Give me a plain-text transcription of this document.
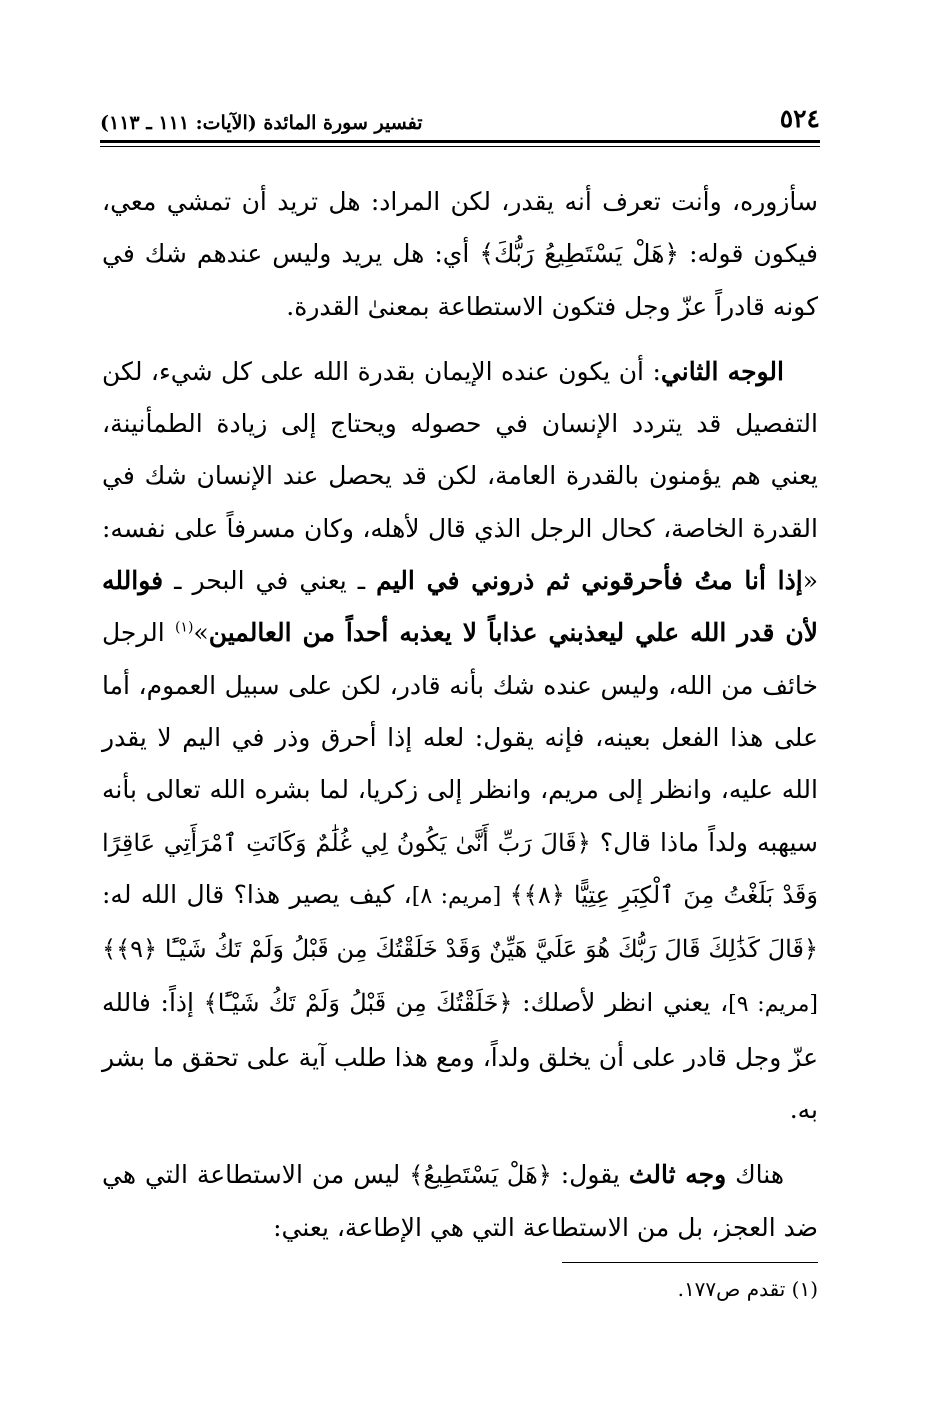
٥٢٤
تفسير سورة المائدة (الآيات: ١١١ ـ ١١٣)

سأزوره، وأنت تعرف أنه يقدر، لكن المراد: هل تريد أن تمشي معي، فيكون قوله: ﴿هَلْ يَسْتَطِيعُ رَبُّكَ﴾ أي: هل يريد وليس عندهم شك في كونه قادراً عزّ وجل فتكون الاستطاعة بمعنىٰ القدرة.

الوجه الثاني: أن يكون عنده الإيمان بقدرة الله على كل شيء، لكن التفصيل قد يتردد الإنسان في حصوله ويحتاج إلى زيادة الطمأنينة، يعني هم يؤمنون بالقدرة العامة، لكن قد يحصل عند الإنسان شك في القدرة الخاصة، كحال الرجل الذي قال لأهله، وكان مسرفاً على نفسه: «إذا أنا متُ فأحرقوني ثم ذروني في اليم ـ يعني في البحر ـ فوالله لأن قدر الله علي ليعذبني عذاباً لا يعذبه أحداً من العالمين»$^{(١)}$ الرجل خائف من الله، وليس عنده شك بأنه قادر، لكن على سبيل العموم، أما على هذا الفعل بعينه، فإنه يقول: لعله إذا أحرق وذر في اليم لا يقدر الله عليه، وانظر إلى مريم، وانظر إلى زكريا، لما بشره الله تعالى بأنه سيهبه ولداً ماذا قال؟ ﴿قَالَ رَبِّ أَنَّىٰ يَكُونُ لِي غُلَٰمٌ وَكَانَتِ ٱمْرَأَتِي عَاقِرًا وَقَدْ بَلَغْتُ مِنَ ٱلْكِبَرِ عِتِيًّا ﴿٨﴾﴾ [مريم: ٨]، كيف يصير هذا؟ قال الله له: ﴿قَالَ كَذَٰلِكَ قَالَ رَبُّكَ هُوَ عَلَيَّ هَيِّنٌ وَقَدْ خَلَقْتُكَ مِن قَبْلُ وَلَمْ تَكُ شَيْـًٔا ﴿٩﴾﴾ [مريم: ٩]، يعني انظر لأصلك: ﴿خَلَقْتُكَ مِن قَبْلُ وَلَمْ تَكُ شَيْـًٔا﴾ إذاً: فالله عزّ وجل قادر على أن يخلق ولداً، ومع هذا طلب آية على تحقق ما بشر به.

هناك وجه ثالث يقول: ﴿هَلْ يَسْتَطِيعُ﴾ ليس من الاستطاعة التي هي ضد العجز، بل من الاستطاعة التي هي الإطاعة، يعني:

(١) تقدم ص١٧٧.
